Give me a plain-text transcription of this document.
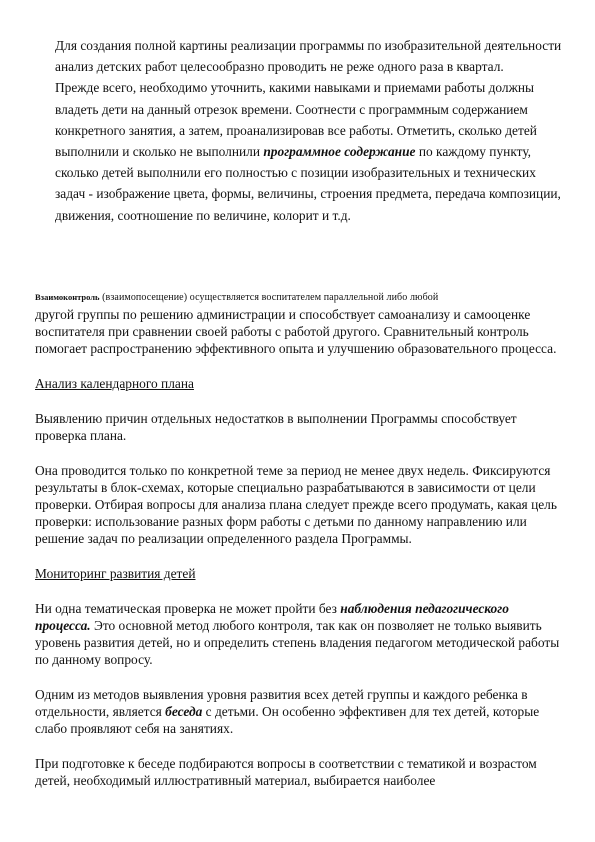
Для создания полной картины реализации программы по изобразительной деятельности анализ детских работ целесообразно проводить не реже одного раза в квартал.

Прежде всего, необходимо уточнить, какими навыками и приемами работы должны владеть дети на данный отрезок времени. Соотнести с программным содержанием конкретного занятия, а затем, проанализировав все работы. Отметить, сколько детей выполнили и сколько не выполнили программное содержание по каждому пункту, сколько детей выполнили его полностью с позиции изобразительных и технических задач - изображение цвета, формы, величины, строения предмета, передача композиции, движения, соотношение по величине, колорит и т.д.

Взаимоконтроль (взаимопосещение) осуществляется воспитателем параллельной либо любой
другой группы по решению администрации и способствует самоанализу и самооценке воспитателя при сравнении своей работы с работой другого. Сравнительный контроль помогает распространению эффективного опыта и улучшению образовательного процесса.

Анализ календарного плана

Выявлению причин отдельных недостатков в выполнении Программы способствует проверка плана.

Она проводится только по конкретной теме за период не менее двух недель. Фиксируются результаты в блок-схемах, которые специально разрабатываются в зависимости от цели проверки. Отбирая вопросы для анализа плана следует прежде всего продумать, какая цель проверки: использование разных форм работы с детьми по данному направлению или решение задач по реализации определенного раздела Программы.

Мониторинг развития детей

Ни одна тематическая проверка не может пройти без наблюдения педагогического процесса. Это основной метод любого контроля, так как он позволяет не только выявить уровень развития детей, но и определить степень владения педагогом методической работы по данному вопросу.

Одним из методов выявления уровня развития всех детей группы и каждого ребенка в отдельности, является беседа с детьми. Он особенно эффективен для тех детей, которые слабо проявляют себя на занятиях.

При подготовке к беседе подбираются вопросы в соответствии с тематикой и возрастом детей, необходимый иллюстративный материал, выбирается наиболее
